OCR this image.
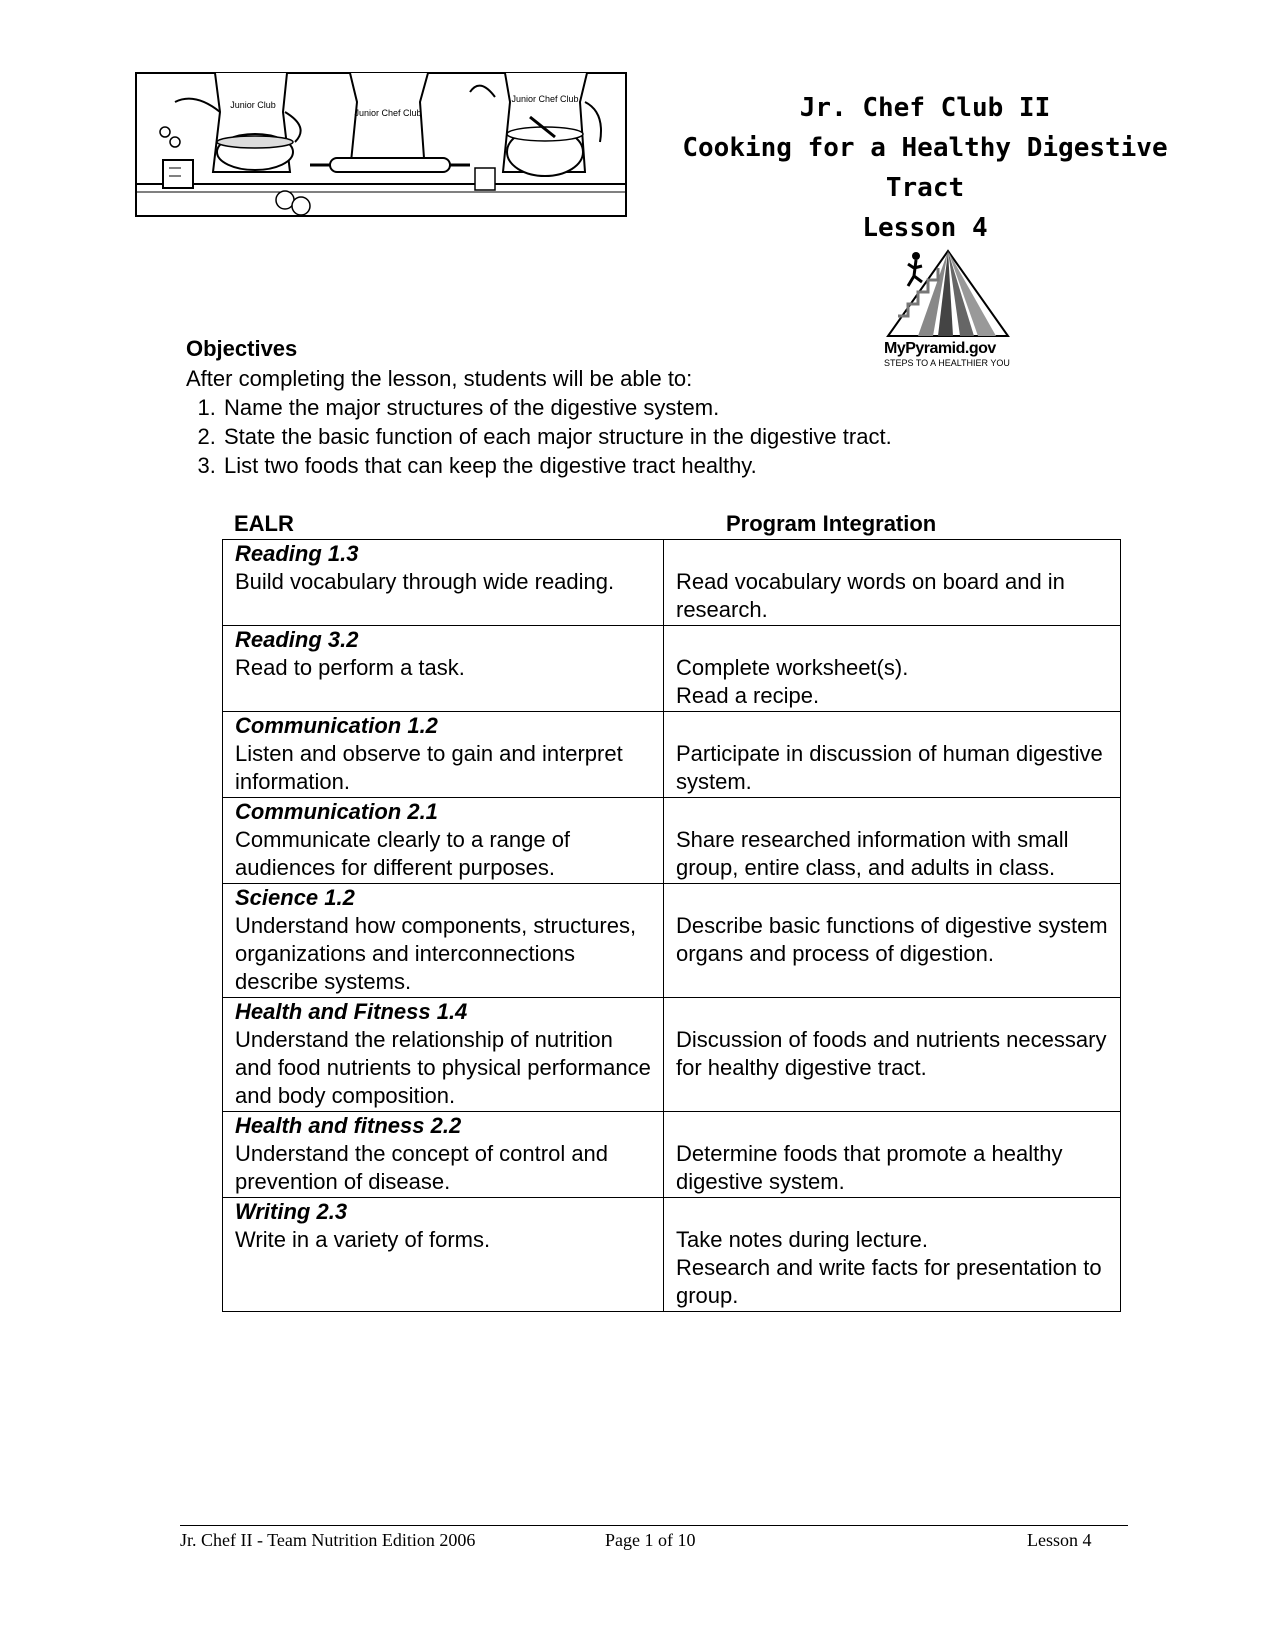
Junior Club
Junior Chef Club
Junior Chef Club	Jr. Chef Club II
Cooking for a Healthy Digestive Tract
Lesson 4
MyPyramid.gov
STEPS TO A HEALTHIER YOU
Objectives

After completing the lesson, students will be able to:

1. Name the major structures of the digestive system.
2. State the basic function of each major structure in the digestive tract.
3. List two foods that can keep the digestive tract healthy.
EALR	Program Integration
Reading 1.3
Build vocabulary through wide reading.	Read vocabulary words on board and in research.

Reading 3.2
Read to perform a task.	Complete worksheet(s).
Read a recipe.

Communication 1.2
Listen and observe to gain and interpret information.	Participate in discussion of human digestive system.

Communication 2.1
Communicate clearly to a range of audiences for different purposes.	Share researched information with small group, entire class, and adults in class.

Science 1.2
Understand how components, structures, organizations and interconnections describe systems.	Describe basic functions of digestive system organs and process of digestion.

Health and Fitness 1.4
Understand the relationship of nutrition and food nutrients to physical performance and body composition.	Discussion of foods and nutrients necessary for healthy digestive tract.

Health and fitness 2.2
Understand the concept of control and prevention of disease.	Determine foods that promote a healthy digestive system.

Writing 2.3
Write in a variety of forms.	Take notes during lecture.
Research and write facts for presentation to group.
Jr. Chef II - Team Nutrition Edition 2006	Page 1 of 10	Lesson 4
